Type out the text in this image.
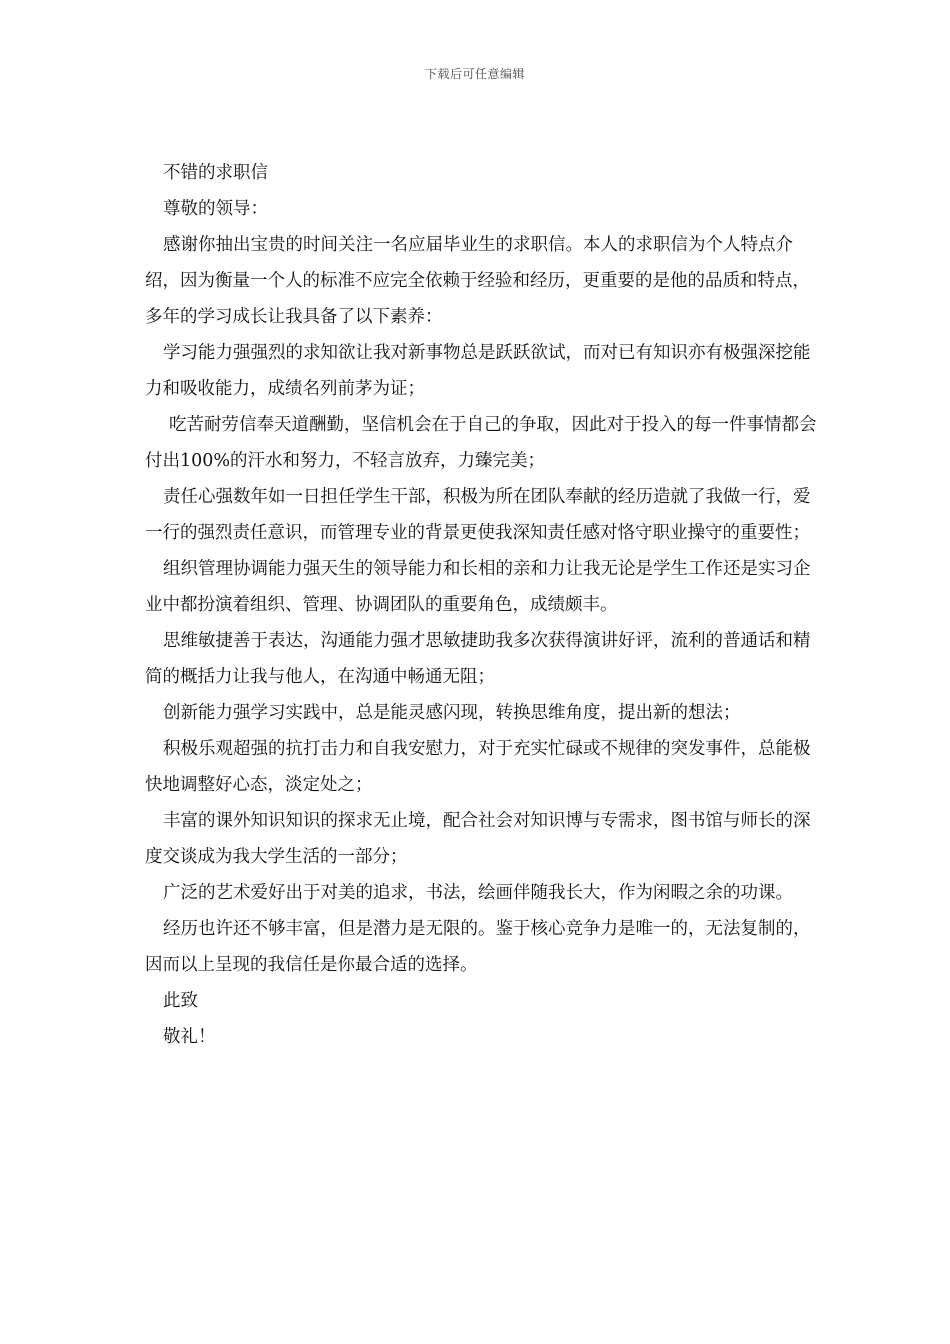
下载后可任意编辑

不错的求职信

尊敬的领导：

感谢你抽出宝贵的时间关注一名应届毕业生的求职信。本人的求职信为个人特点介绍，因为衡量一个人的标准不应完全依赖于经验和经历，更重要的是他的品质和特点，多年的学习成长让我具备了以下素养：

学习能力强强烈的求知欲让我对新事物总是跃跃欲试，而对已有知识亦有极强深挖能力和吸收能力，成绩名列前茅为证；

吃苦耐劳信奉天道酬勤，坚信机会在于自己的争取，因此对于投入的每一件事情都会付出100%的汗水和努力，不轻言放弃，力臻完美；

责任心强数年如一日担任学生干部，积极为所在团队奉献的经历造就了我做一行，爱一行的强烈责任意识，而管理专业的背景更使我深知责任感对恪守职业操守的重要性；

组织管理协调能力强天生的领导能力和长相的亲和力让我无论是学生工作还是实习企业中都扮演着组织、管理、协调团队的重要角色，成绩颇丰。

思维敏捷善于表达，沟通能力强才思敏捷助我多次获得演讲好评，流利的普通话和精简的概括力让我与他人，在沟通中畅通无阻；

创新能力强学习实践中，总是能灵感闪现，转换思维角度，提出新的想法；

积极乐观超强的抗打击力和自我安慰力，对于充实忙碌或不规律的突发事件，总能极快地调整好心态，淡定处之；

丰富的课外知识知识的探求无止境，配合社会对知识博与专需求，图书馆与师长的深度交谈成为我大学生活的一部分；

广泛的艺术爱好出于对美的追求，书法，绘画伴随我长大，作为闲暇之余的功课。

经历也许还不够丰富，但是潜力是无限的。鉴于核心竞争力是唯一的，无法复制的，因而以上呈现的我信任是你最合适的选择。

此致

敬礼！
